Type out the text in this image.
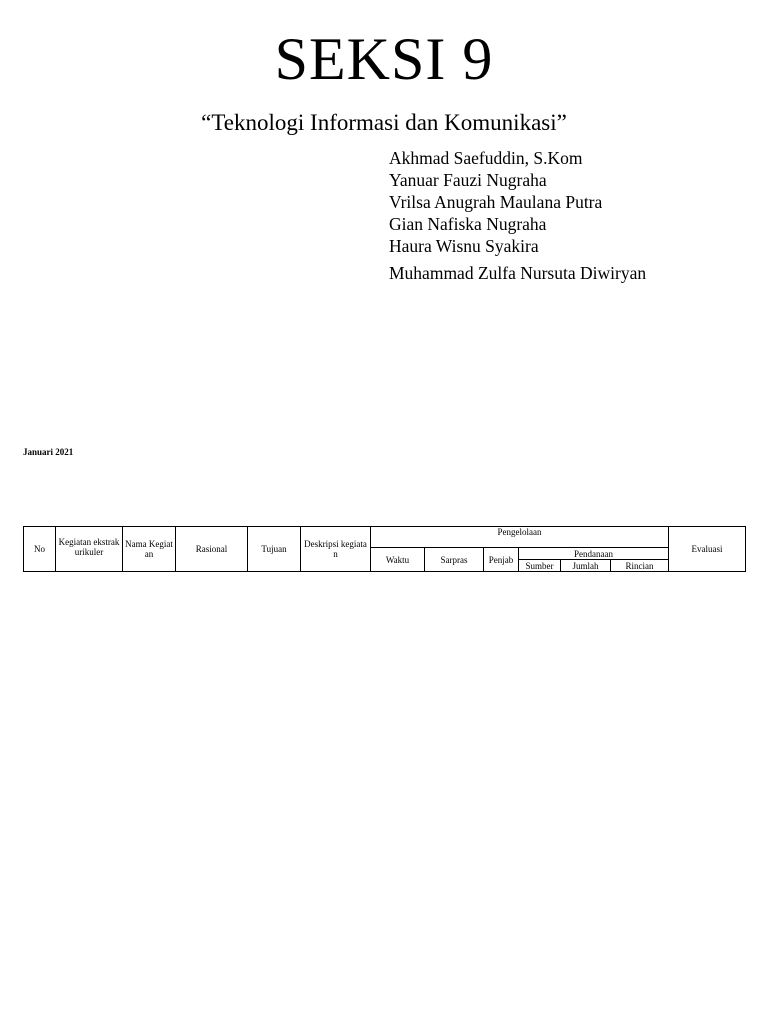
SEKSI 9
“Teknologi Informasi dan Komunikasi”
Akhmad Saefuddin, S.Kom
Yanuar Fauzi Nugraha
Vrilsa Anugrah Maulana Putra
Gian Nafiska Nugraha
Haura Wisnu Syakira
Muhammad Zulfa Nursuta Diwiryan
Januari 2021
No	Kegiatan ekstrakurikuler	Nama Kegiatan	Rasional	Tujuan	Deskripsi kegiatan	Pengelolaan						Evaluasi
						Waktu	Sarpras	Penjab	Pendanaan			
									Sumber	Jumlah	Rincian	
